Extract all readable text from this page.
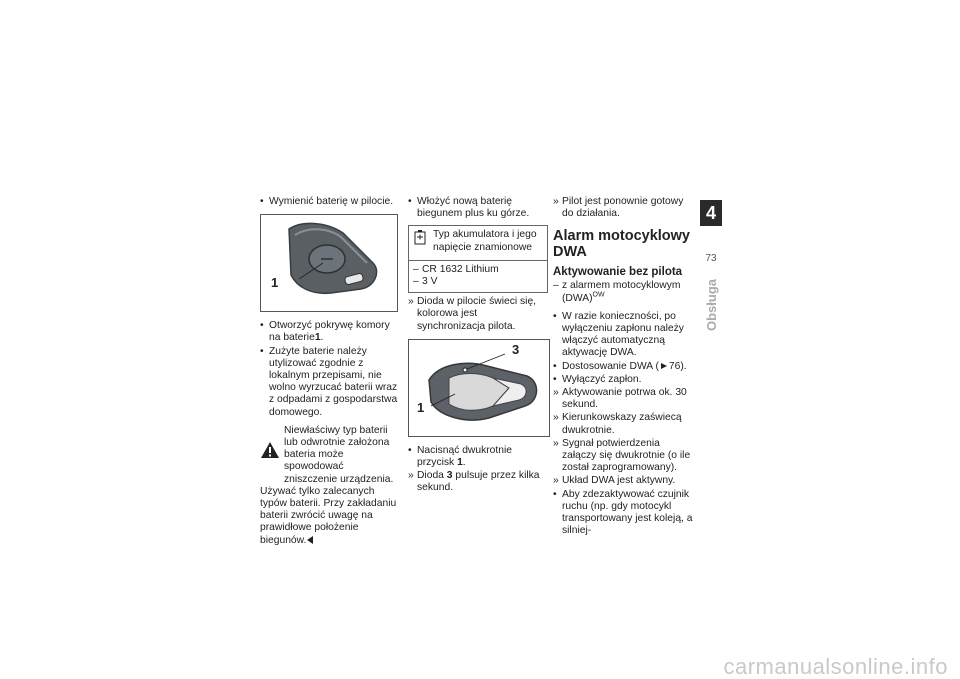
• Wymienić baterię w pilocie.
1
• Otworzyć pokrywę komory na baterie1.
• Zużyte baterie należy utylizować zgodnie z lokalnym przepisami, nie wolno wyrzucać baterii wraz z odpadami z gospodarstwa domowego.
Niewłaściwy typ baterii lub odwrotnie założona bateria może spowodować zniszczenie urządzenia.
Używać tylko zalecanych typów baterii. Przy zakładaniu baterii zwrócić uwagę na prawidłowe położenie biegunów.
• Włożyć nową baterię biegunem plus ku górze.
Typ akumulatora i jego napięcie znamionowe
– CR 1632 Lithium
– 3 V
» Dioda w pilocie świeci się, kolorowa jest synchronizacja pilota.
3
1
• Nacisnąć dwukrotnie przycisk 1.
» Dioda 3 pulsuje przez kilka sekund.
» Pilot jest ponownie gotowy do działania.
Alarm motocyklowy DWA
Aktywowanie bez pilota
– z alarmem motocyklowym (DWA)$^{OW}$
• W razie konieczności, po wyłączeniu zapłonu należy włączyć automatyczną aktywację DWA.
• Dostosowanie DWA ( 76).
• Wyłączyć zapłon.
» Aktywowanie potrwa ok. 30 sekund.
» Kierunkowskazy zaświecą dwukrotnie.
» Sygnał potwierdzenia załączy się dwukrotnie (o ile został zaprogramowany).
» Układ DWA jest aktywny.
• Aby zdezaktywować czujnik ruchu (np. gdy motocykl transportowany jest koleją, a silniej-
4
73
Obsługa
carmanualsonline.info
